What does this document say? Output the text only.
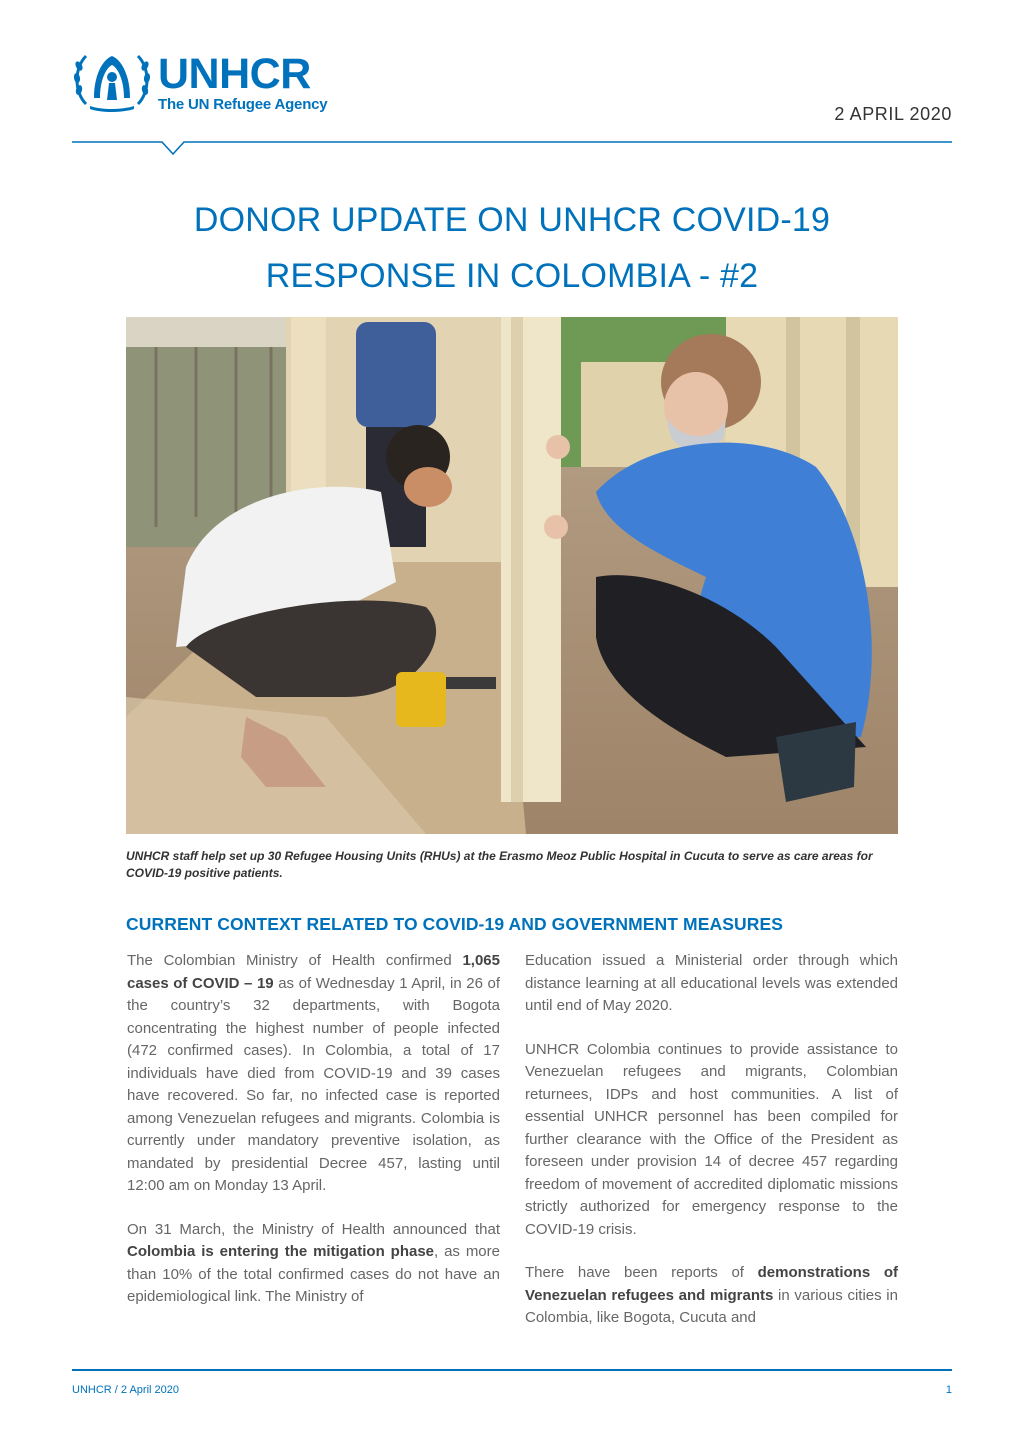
UNHCR
The UN Refugee Agency	2 APRIL 2020
DONOR UPDATE ON UNHCR COVID-19
RESPONSE IN COLOMBIA - #2
UNHCR staff help set up 30 Refugee Housing Units (RHUs) at the Erasmo Meoz Public Hospital in Cucuta to serve as care areas for COVID-19 positive patients.
CURRENT CONTEXT RELATED TO COVID-19 AND GOVERNMENT MEASURES

The Colombian Ministry of Health confirmed 1,065 cases of COVID – 19 as of Wednesday 1 April, in 26 of the country’s 32 departments, with Bogota concentrating the highest number of people infected (472 confirmed cases). In Colombia, a total of 17 individuals have died from COVID-19 and 39 cases have recovered. So far, no infected case is reported among Venezuelan refugees and migrants. Colombia is currently under mandatory preventive isolation, as mandated by presidential Decree 457, lasting until 12:00 am on Monday 13 April.

On 31 March, the Ministry of Health announced that Colombia is entering the mitigation phase, as more than 10% of the total confirmed cases do not have an epidemiological link. The Ministry of

Education issued a Ministerial order through which distance learning at all educational levels was extended until end of May 2020.

UNHCR Colombia continues to provide assistance to Venezuelan refugees and migrants, Colombian returnees, IDPs and host communities. A list of essential UNHCR personnel has been compiled for further clearance with the Office of the President as foreseen under provision 14 of decree 457 regarding freedom of movement of accredited diplomatic missions strictly authorized for emergency response to the COVID-19 crisis.

There have been reports of demonstrations of Venezuelan refugees and migrants in various cities in Colombia, like Bogota, Cucuta and

UNHCR / 2 April 2020	1
